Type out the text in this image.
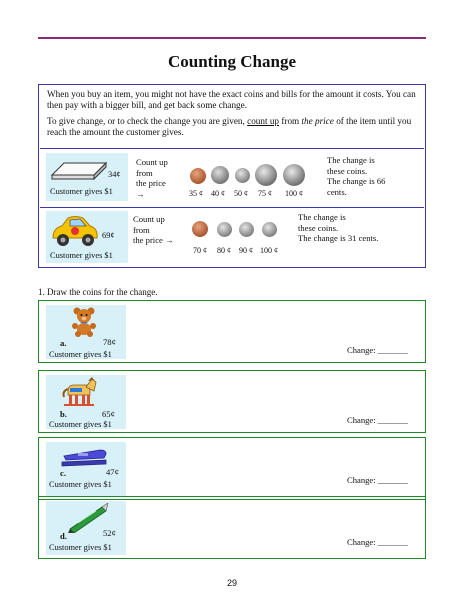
Counting Change
When you buy an item, you might not have the exact coins and bills for the amount it costs. You can then pay with a bigger bill, and get back some change.
To give change, or to check the change you are given, count up from the price of the item until you reach the amount the customer gives.
34¢
Customer gives $1
Count up
from
the price
→	35 ¢ 40 ¢ 50 ¢ 75 ¢ 100 ¢
The change is
these coins.
The change is 66
cents.
69¢
Customer gives $1
Count up
from
the price →
70 ¢ 80 ¢ 90 ¢ 100 ¢
The change is
these coins.
The change is 31 cents.
1. Draw the coins for the change.
a.	78¢
Customer gives $1	Change: _______
b.	65¢
Customer gives $1	Change: _______
c.	47¢
Customer gives $1	Change: _______
d.	52¢
Customer gives $1
Change: _______
29
